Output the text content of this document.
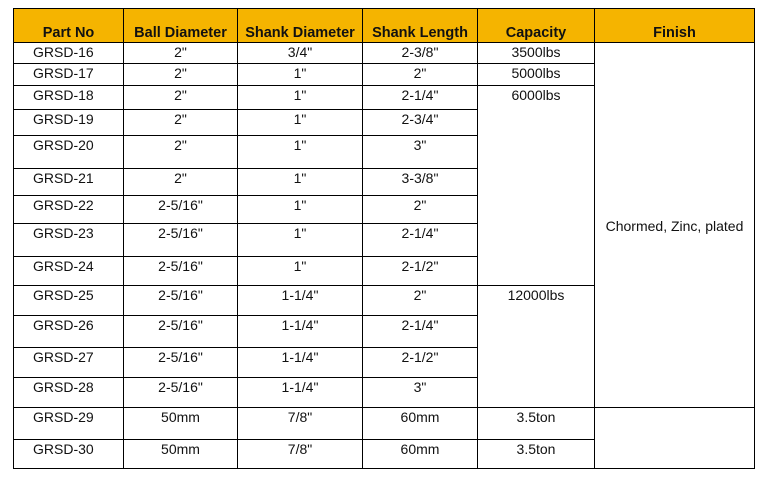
Part No	Ball Diameter	Shank Diameter	Shank Length	Capacity	Finish
GRSD-16	2"	3/4"	2-3/8"	3500lbs	Chormed, Zinc, plated
GRSD-17	2"	1"	2"	5000lbs	
GRSD-18	2"	1"	2-1/4"	6000lbs	
GRSD-19	2"	1"	2-3/4"		
GRSD-20	2"	1"	3"		
GRSD-21	2"	1"	3-3/8"		
GRSD-22	2-5/16"	1"	2"		
GRSD-23	2-5/16"	1"	2-1/4"		
GRSD-24	2-5/16"	1"	2-1/2"		
GRSD-25	2-5/16"	1-1/4"	2"	12000lbs	
GRSD-26	2-5/16"	1-1/4"	2-1/4"		
GRSD-27	2-5/16"	1-1/4"	2-1/2"		
GRSD-28	2-5/16"	1-1/4"	3"		
GRSD-29	50mm	7/8"	60mm	3.5ton	
GRSD-30	50mm	7/8"	60mm	3.5ton	
